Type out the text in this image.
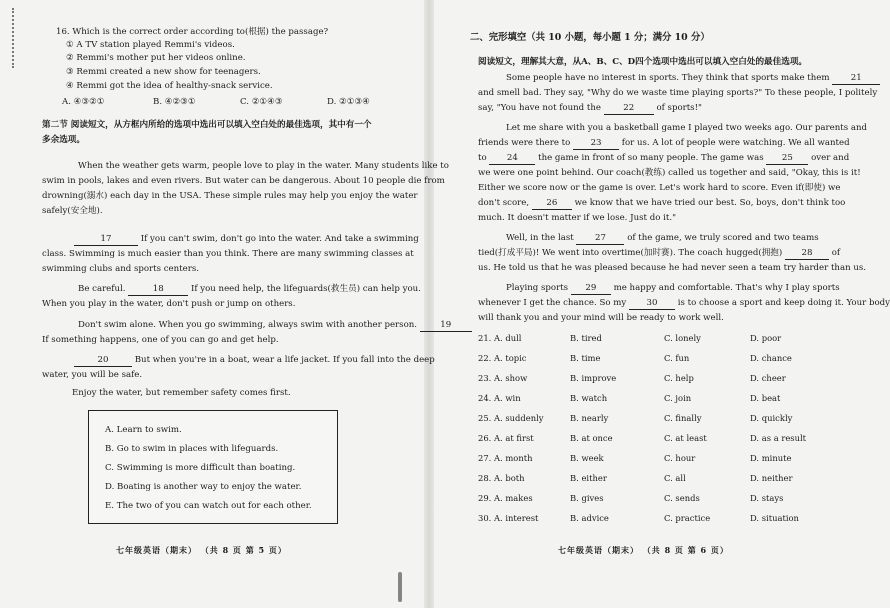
16. Which is the correct order according to(根据) the passage?
① A TV station played Remmi's videos.
② Remmi's mother put her videos online.
③ Remmi created a new show for teenagers.
④ Remmi got the idea of healthy-snack service.
A. ④③②①	B. ④②③①	C. ②①④③	D. ②①③④
第二节 阅读短文，从方框内所给的选项中选出可以填入空白处的最佳选项，其中有一个
多余选项。
When the weather gets warm, people love to play in the water. Many students like to
swim in pools, lakes and even rivers. But water can be dangerous. About 10 people die from
drowning(溺水) each day in the USA. These simple rules may help you enjoy the water
safely(安全地).
17	If you can't swim, don't go into the water. And take a swimming
class. Swimming is much easier than you think. There are many swimming classes at
swimming clubs and sports centers.
Be careful.	18	If you need help, the lifeguards(救生员) can help you.
When you play in the water, don't push or jump on others.
Don't swim alone. When you go swimming, always swim with another person.	19
If something happens, one of you can go and get help.
20	But when you're in a boat, wear a life jacket. If you fall into the deep
water, you will be safe.
Enjoy the water, but remember safety comes first.
A. Learn to swim.
B. Go to swim in places with lifeguards.
C. Swimming is more difficult than boating.
D. Boating is another way to enjoy the water.
E. The two of you can watch out for each other.
七年级英语（期末） （共 8 页 第 5 页）
二、完形填空（共 10 小题，每小题 1 分；满分 10 分）
阅读短文，理解其大意，从A、B、C、D四个选项中选出可以填入空白处的最佳选项。
Some people have no interest in sports. They think that sports make them 21
and smell bad. They say, "Why do we waste time playing sports?" To these people, I politely
say, "You have not found the	22	of sports!"
Let me share with you a basketball game I played two weeks ago. Our parents and
friends were there to 23 for us. A lot of people were watching. We all wanted
to 24 the game in front of so many people. The game was 25 over and
we were one point behind. Our coach(教练) called us together and said, "Okay, this is it!
Either we score now or the game is over. Let's work hard to score. Even if(即使) we
don't score, 26 we know that we have tried our best. So, boys, don't think too
much. It doesn't matter if we lose. Just do it."
Well, in the last 27 of the game, we truly scored and two teams
tied(打成平局)! We went into overtime(加时赛). The coach hugged(拥抱) 28 of
us. He told us that he was pleased because he had never seen a team try harder than us.
Playing sports 29 me happy and comfortable. That's why I play sports
whenever I get the chance. So my 30 is to choose a sport and keep doing it. Your body
will thank you and your mind will be ready to work well.
21. A. dull	B. tired	C. lonely	D. poor
22. A. topic	B. time	C. fun	D. chance
23. A. show	B. improve	C. help	D. cheer
24. A. win	B. watch	C. join	D. beat
25. A. suddenly	B. nearly	C. finally	D. quickly
26. A. at first	B. at once	C. at least	D. as a result
27. A. month	B. week	C. hour	D. minute
28. A. both	B. either	C. all	D. neither
29. A. makes	B. gives	C. sends	D. stays
30. A. interest	B. advice	C. practice	D. situation
七年级英语（期末） （共 8 页 第 6 页）
